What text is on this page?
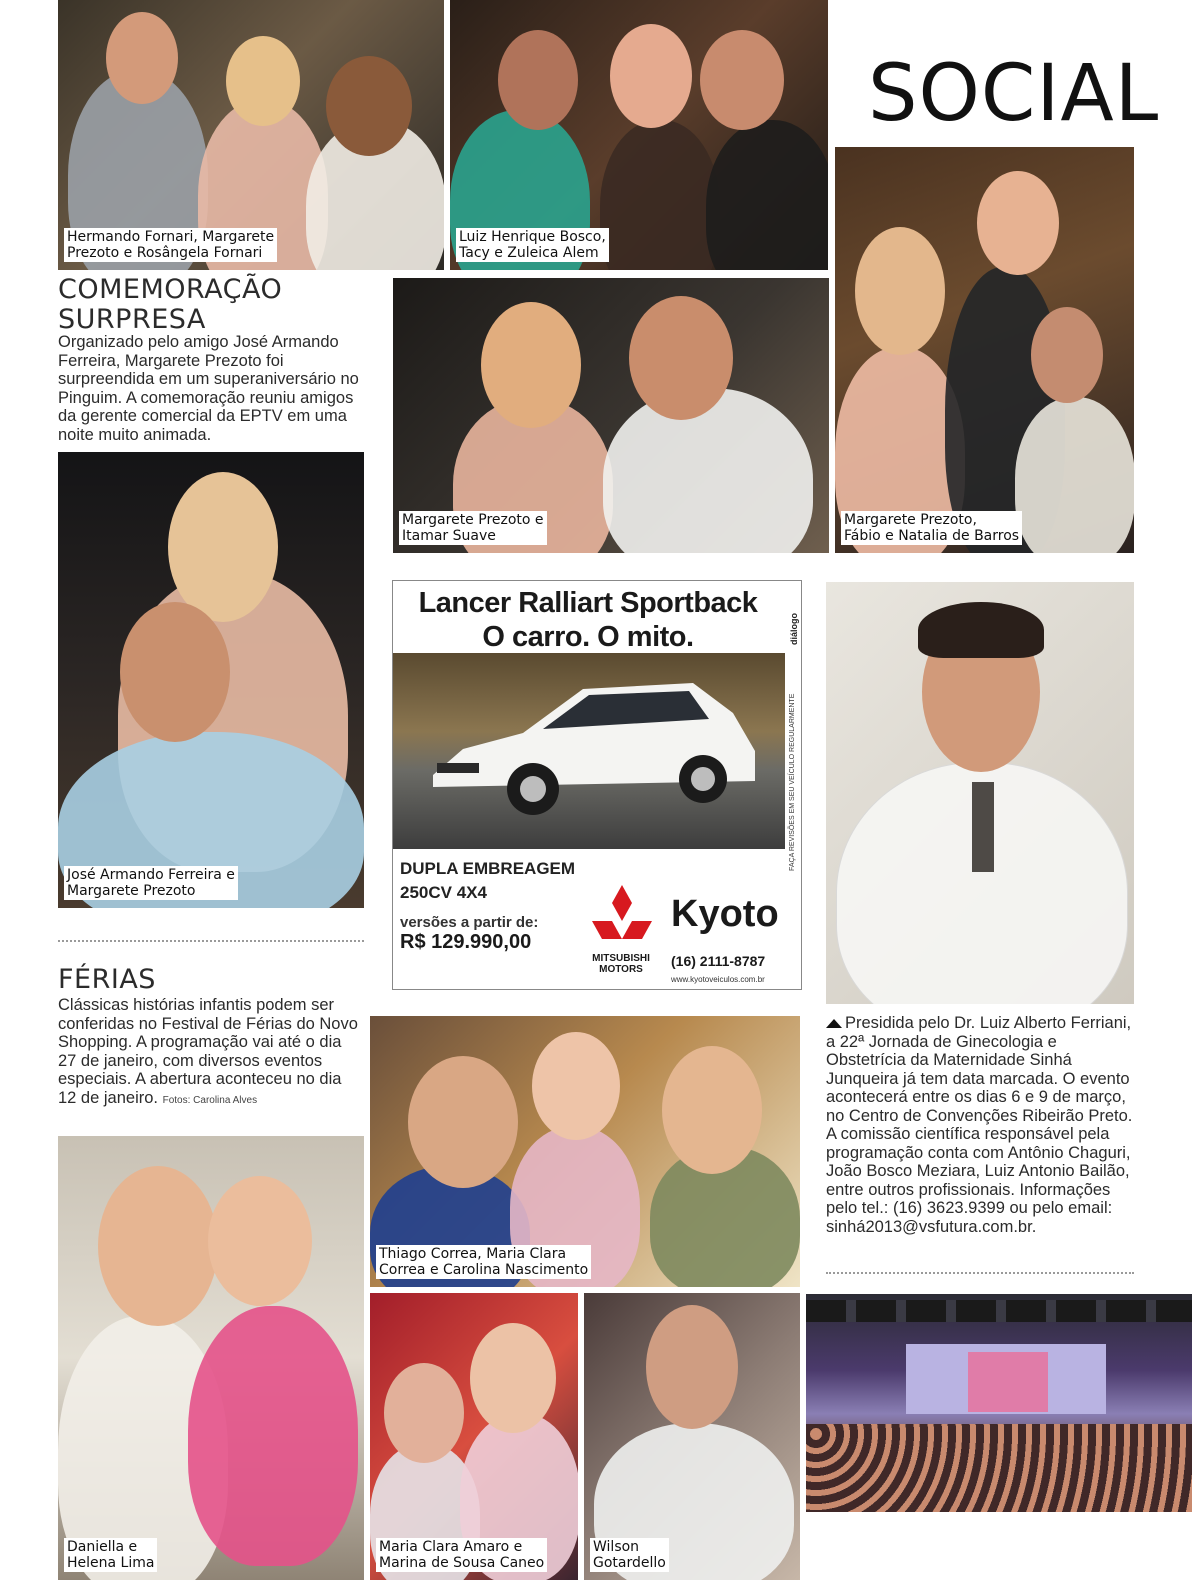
SOCIAL
Hermando Fornari, Margarete
Prezoto e Rosângela Fornari
Luiz Henrique Bosco,
Tacy e Zuleica Alem
COMEMORAÇÃO
SURPRESA

Organizado pelo amigo José Armando Ferreira, Margarete Prezoto foi surpreendida em um superaniversário no Pinguim. A comemoração reuniu amigos da gerente comercial da EPTV em uma noite muito animada.

Margarete Prezoto e
Itamar Suave
Margarete Prezoto,
Fábio e Natalia de Barros
José Armando Ferreira e
Margarete Prezoto
FÉRIAS

Clássicas histórias infantis podem ser conferidas no Festival de Férias do Novo Shopping. A programação vai até o dia 27 de janeiro, com diversos eventos especiais. A abertura aconteceu no dia 12 de janeiro. Fotos: Carolina Alves

Lancer Ralliart Sportback
O carro. O mito.
FAÇA REVISÕES EM SEU VEÍCULO REGULARMENTE
diálogo
DUPLA EMBREAGEM
250CV 4X4
versões a partir de:
R$ 129.990,00
MITSUBISHI
MOTORS
Kyoto
(16) 2111-8787
www.kyotoveiculos.com.br

Presidida pelo Dr. Luiz Alberto Ferriani, a 22ª Jornada de Ginecologia e Obstetrícia da Maternidade Sinhá Junqueira já tem data marcada. O evento acontecerá entre os dias 6 e 9 de março, no Centro de Convenções Ribeirão Preto. A comissão científica responsável pela programação conta com Antônio Chaguri, João Bosco Meziara, Luiz Antonio Bailão, entre outros profissionais. Informações pelo tel.: (16) 3623.9399 ou pelo email: sinhá2013@vsfutura.com.br.

Thiago Correa, Maria Clara
Correa e Carolina Nascimento
Daniella e
Helena Lima
Maria Clara Amaro e
Marina de Sousa Caneo
Wilson
Gotardello
